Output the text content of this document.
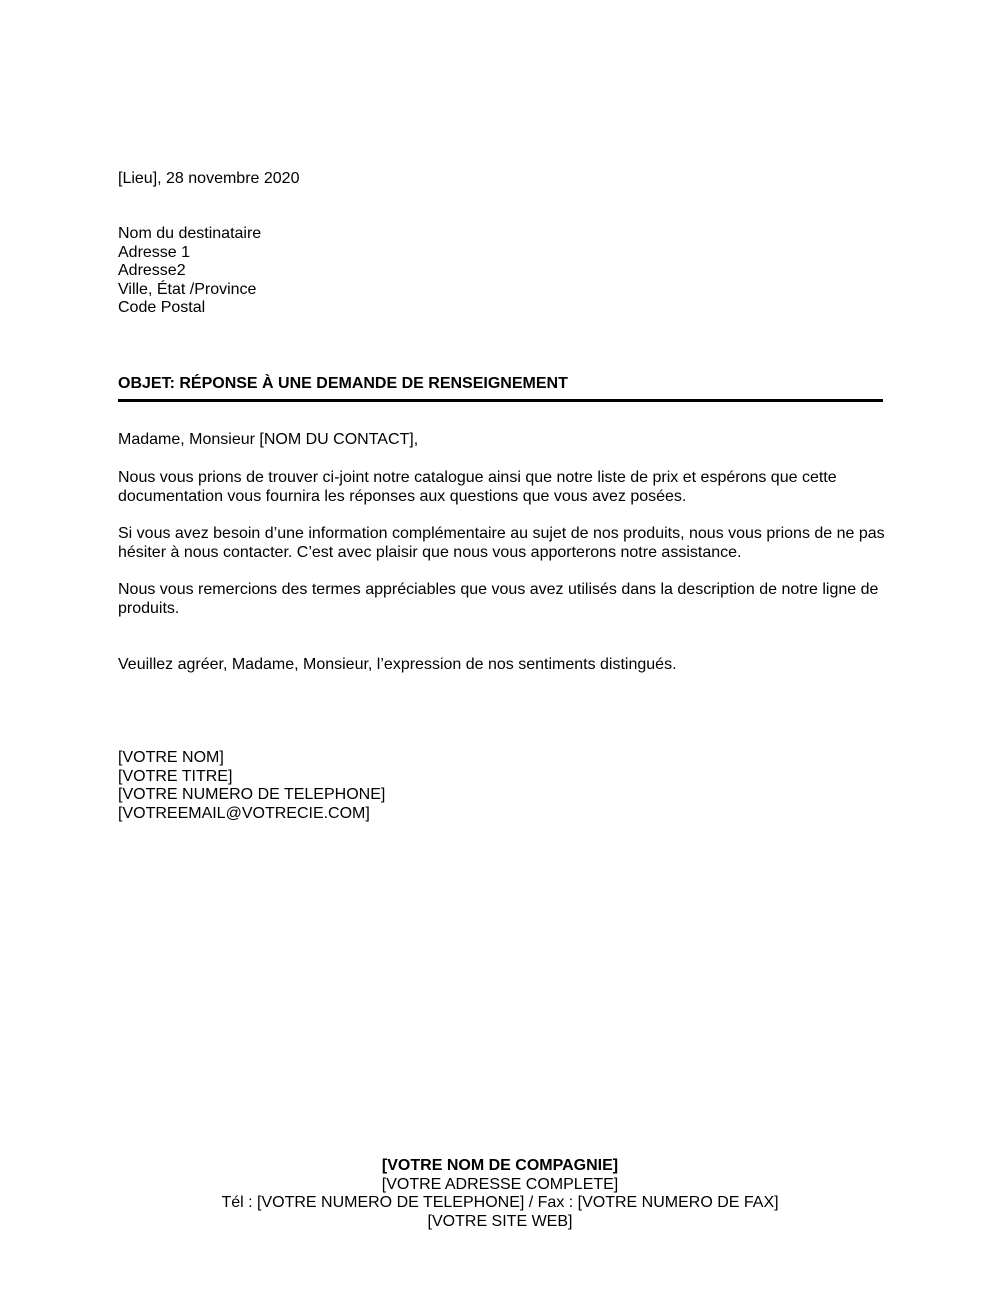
[Lieu], 28 novembre 2020
Nom du destinataire
Adresse 1
Adresse2
Ville, État /Province
Code Postal
OBJET: RÉPONSE À UNE DEMANDE DE RENSEIGNEMENT
Madame, Monsieur [NOM DU CONTACT],
Nous vous prions de trouver ci-joint notre catalogue ainsi que notre liste de prix et espérons que cette documentation vous fournira les réponses aux questions que vous avez posées.
Si vous avez besoin d’une information complémentaire au sujet de nos produits, nous vous prions de ne pas hésiter à nous contacter. C’est avec plaisir que nous vous apporterons notre assistance.
Nous vous remercions des termes appréciables que vous avez utilisés dans la description de notre ligne de produits.
Veuillez agréer, Madame, Monsieur, l’expression de nos sentiments distingués.
[VOTRE NOM]
[VOTRE TITRE]
[VOTRE NUMERO DE TELEPHONE]
[VOTREEMAIL@VOTRECIE.COM]
[VOTRE NOM DE COMPAGNIE]
[VOTRE ADRESSE COMPLETE]
Tél : [VOTRE NUMERO DE TELEPHONE] / Fax : [VOTRE NUMERO DE FAX]
[VOTRE SITE WEB]
